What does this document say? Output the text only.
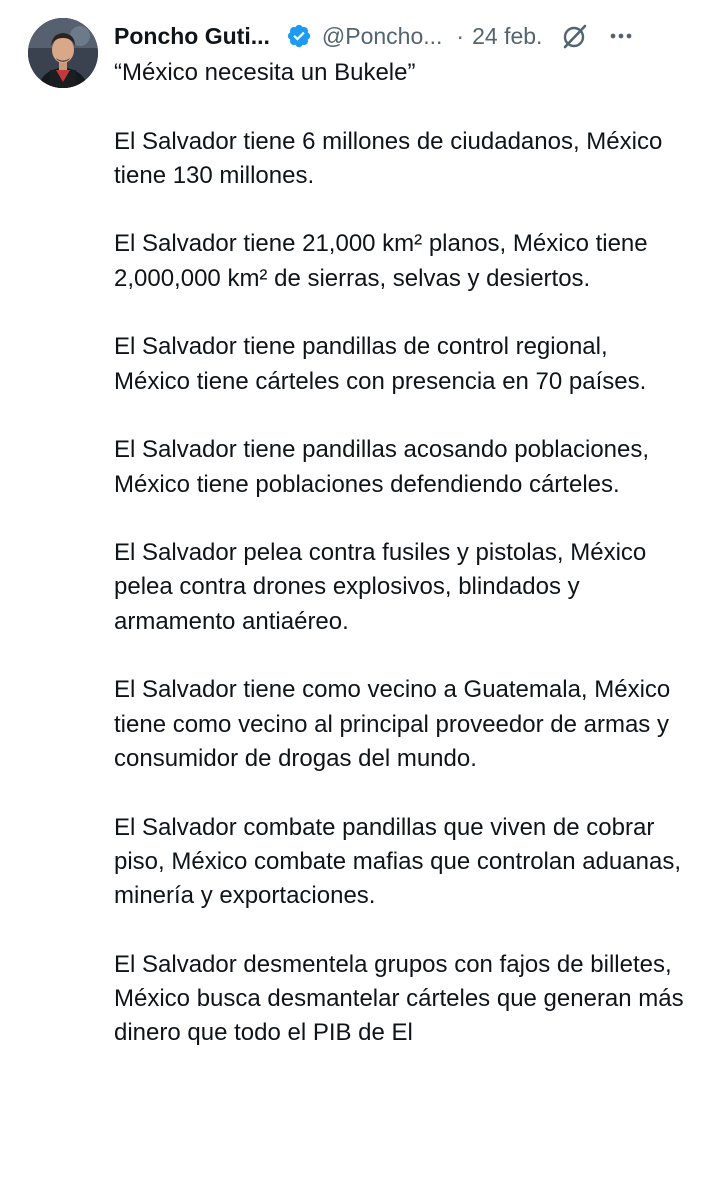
Poncho Guti... @Poncho... · 24 feb.
“México necesita un Bukele”
El Salvador tiene 6 millones de ciudadanos, México tiene 130 millones.
El Salvador tiene 21,000 km² planos, México tiene 2,000,000 km² de sierras, selvas y desiertos.
El Salvador tiene pandillas de control regional, México tiene cárteles con presencia en 70 países.
El Salvador tiene pandillas acosando poblaciones, México tiene poblaciones defendiendo cárteles.
El Salvador pelea contra fusiles y pistolas, México pelea contra drones explosivos, blindados y armamento antiaéreo.
El Salvador tiene como vecino a Guatemala, México tiene como vecino al principal proveedor de armas y consumidor de drogas del mundo.
El Salvador combate pandillas que viven de cobrar piso, México combate mafias que controlan aduanas, minería y exportaciones.
El Salvador desmentela grupos con fajos de billetes, México busca desmantelar cárteles que generan más dinero que todo el PIB de El
